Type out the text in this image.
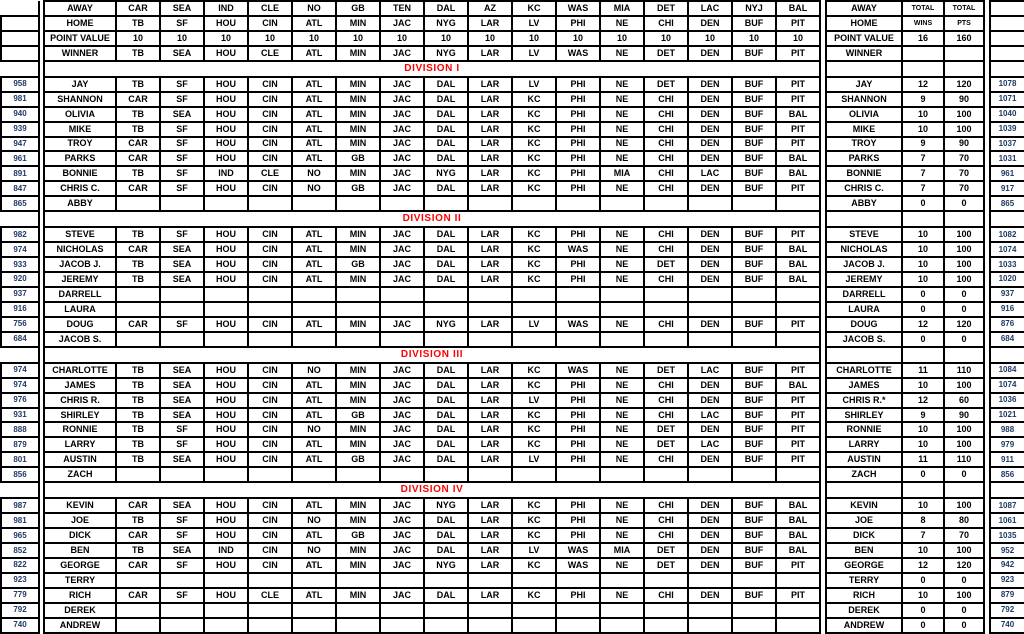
		AWAY	CAR	SEA	IND	CLE	NO	GB	TEN	DAL	AZ	KC	WAS	MIA	DET	LAC	NYJ	BAL		AWAY	TOTAL	TOTAL		
		HOME	TB	SF	HOU	CIN	ATL	MIN	JAC	NYG	LAR	LV	PHI	NE	CHI	DEN	BUF	PIT		HOME	WINS	PTS		
		POINT VALUE	10	10	10	10	10	10	10	10	10	10	10	10	10	10	10	10		POINT VALUE	16	160		
		WINNER	TB	SEA	HOU	CLE	ATL	MIN	JAC	NYG	LAR	LV	WAS	NE	DET	DEN	BUF	PIT		WINNER				
		DIVISION I																						
958		JAY	TB	SF	HOU	CIN	ATL	MIN	JAC	DAL	LAR	LV	PHI	NE	DET	DEN	BUF	PIT		JAY	12	120		1078
981		SHANNON	CAR	SF	HOU	CIN	ATL	MIN	JAC	DAL	LAR	KC	PHI	NE	CHI	DEN	BUF	PIT		SHANNON	9	90		1071
940		OLIVIA	TB	SEA	HOU	CIN	ATL	MIN	JAC	DAL	LAR	KC	PHI	NE	CHI	DEN	BUF	BAL		OLIVIA	10	100		1040
939		MIKE	TB	SF	HOU	CIN	ATL	MIN	JAC	DAL	LAR	KC	PHI	NE	CHI	DEN	BUF	PIT		MIKE	10	100		1039
947		TROY	CAR	SF	HOU	CIN	ATL	MIN	JAC	DAL	LAR	KC	PHI	NE	CHI	DEN	BUF	PIT		TROY	9	90		1037
961		PARKS	CAR	SF	HOU	CIN	ATL	GB	JAC	DAL	LAR	KC	PHI	NE	CHI	DEN	BUF	BAL		PARKS	7	70		1031
891		BONNIE	TB	SF	IND	CLE	NO	MIN	JAC	NYG	LAR	KC	PHI	MIA	CHI	LAC	BUF	BAL		BONNIE	7	70		961
847		CHRIS C.	CAR	SF	HOU	CIN	NO	GB	JAC	DAL	LAR	KC	PHI	NE	CHI	DEN	BUF	PIT		CHRIS C.	7	70		917
865		ABBY																		ABBY	0	0		865
		DIVISION II																						
982		STEVE	TB	SF	HOU	CIN	ATL	MIN	JAC	DAL	LAR	KC	PHI	NE	CHI	DEN	BUF	PIT		STEVE	10	100		1082
974		NICHOLAS	CAR	SEA	HOU	CIN	ATL	MIN	JAC	DAL	LAR	KC	WAS	NE	CHI	DEN	BUF	BAL		NICHOLAS	10	100		1074
933		JACOB J.	TB	SEA	HOU	CIN	ATL	GB	JAC	DAL	LAR	KC	PHI	NE	DET	DEN	BUF	BAL		JACOB J.	10	100		1033
920		JEREMY	TB	SEA	HOU	CIN	ATL	MIN	JAC	DAL	LAR	KC	PHI	NE	CHI	DEN	BUF	BAL		JEREMY	10	100		1020
937		DARRELL																		DARRELL	0	0		937
916		LAURA																		LAURA	0	0		916
756		DOUG	CAR	SF	HOU	CIN	ATL	MIN	JAC	NYG	LAR	LV	WAS	NE	CHI	DEN	BUF	PIT		DOUG	12	120		876
684		JACOB S.																		JACOB S.	0	0		684
		DIVISION III																						
974		CHARLOTTE	TB	SEA	HOU	CIN	NO	MIN	JAC	DAL	LAR	KC	WAS	NE	DET	LAC	BUF	PIT		CHARLOTTE	11	110		1084
974		JAMES	TB	SEA	HOU	CIN	ATL	MIN	JAC	DAL	LAR	KC	PHI	NE	CHI	DEN	BUF	BAL		JAMES	10	100		1074
976		CHRIS R.	TB	SEA	HOU	CIN	ATL	MIN	JAC	DAL	LAR	LV	PHI	NE	CHI	DEN	BUF	PIT		CHRIS R.*	12	60		1036
931		SHIRLEY	TB	SEA	HOU	CIN	ATL	GB	JAC	DAL	LAR	KC	PHI	NE	CHI	LAC	BUF	PIT		SHIRLEY	9	90		1021
888		RONNIE	TB	SF	HOU	CIN	NO	MIN	JAC	DAL	LAR	KC	PHI	NE	DET	DEN	BUF	PIT		RONNIE	10	100		988
879		LARRY	TB	SF	HOU	CIN	ATL	MIN	JAC	DAL	LAR	KC	PHI	NE	DET	LAC	BUF	PIT		LARRY	10	100		979
801		AUSTIN	TB	SEA	HOU	CIN	ATL	GB	JAC	DAL	LAR	LV	PHI	NE	CHI	DEN	BUF	PIT		AUSTIN	11	110		911
856		ZACH																		ZACH	0	0		856
		DIVISION IV																						
987		KEVIN	CAR	SEA	HOU	CIN	ATL	MIN	JAC	NYG	LAR	KC	PHI	NE	CHI	DEN	BUF	BAL		KEVIN	10	100		1087
981		JOE	TB	SF	HOU	CIN	NO	MIN	JAC	DAL	LAR	KC	PHI	NE	CHI	DEN	BUF	BAL		JOE	8	80		1061
965		DICK	CAR	SF	HOU	CIN	ATL	GB	JAC	DAL	LAR	KC	PHI	NE	CHI	DEN	BUF	BAL		DICK	7	70		1035
852		BEN	TB	SEA	IND	CIN	NO	MIN	JAC	DAL	LAR	LV	WAS	MIA	DET	DEN	BUF	BAL		BEN	10	100		952
822		GEORGE	CAR	SF	HOU	CIN	ATL	MIN	JAC	NYG	LAR	KC	WAS	NE	DET	DEN	BUF	PIT		GEORGE	12	120		942
923		TERRY																		TERRY	0	0		923
779		RICH	CAR	SF	HOU	CLE	ATL	MIN	JAC	DAL	LAR	KC	PHI	NE	CHI	DEN	BUF	PIT		RICH	10	100		879
792		DEREK																		DEREK	0	0		792
740		ANDREW																		ANDREW	0	0		740
